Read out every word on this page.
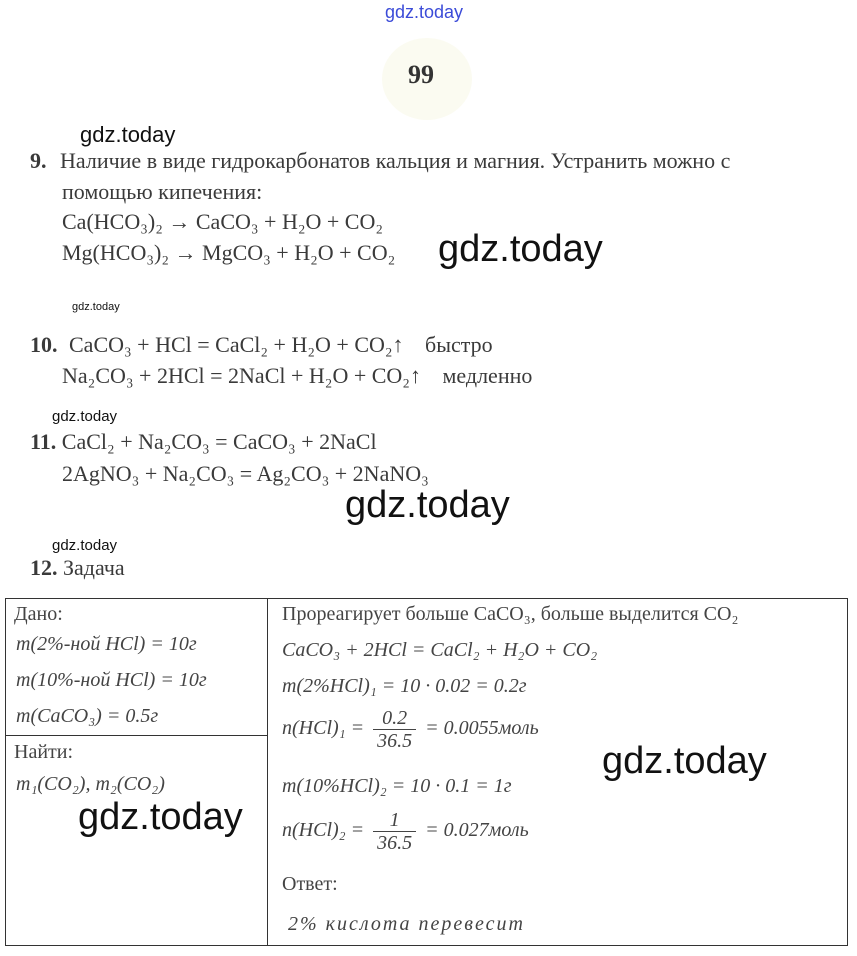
gdz.today
99
gdz.today
gdz.today
gdz.today
gdz.today
gdz.today
gdz.today
9. Наличие в виде гидрокарбонатов кальция и магния. Устранить можно с
помощью кипечения:
Ca(HCO₃)₂ → CaCO₃ + H₂O + CO₂
Mg(HCO₃)₂ → MgCO₃ + H₂O + CO₂
10. CaCO₃ + HCl = CaCl₂ + H₂O + CO₂↑ быстро
Na₂CO₃ + 2HCl = 2NaCl + H₂O + CO₂↑ медленно
11. CaCl₂ + Na₂CO₃ = CaCO₃ + 2NaCl
2AgNO₃ + Na₂CO₃ = Ag₂CO₃ + 2NaNO₃
12. Задача
Дано:
m(2%-ной HCl) = 10г
m(10%-ной HCl) = 10г
m(CaCO₃) = 0.5г
Найти:
m₁(CO₂), m₂(CO₂)
Прореагирует больше CaCO₃, больше выделится CO₂
CaCO₃ + 2HCl = CaCl₂ + H₂O + CO₂
m(2%HCl)₁ = 10 · 0.02 = 0.2г
$n(HCl)_1 = \frac{0.2}{36.5}$ = 0.0055моль
m(10%HCl)₂ = 10 · 0.1 = 1г
$n(HCl)_2 = \frac{1}{36.5}$ = 0.027моль
Ответ:
2% кислота перевесит
gdz.today
gdz.today
